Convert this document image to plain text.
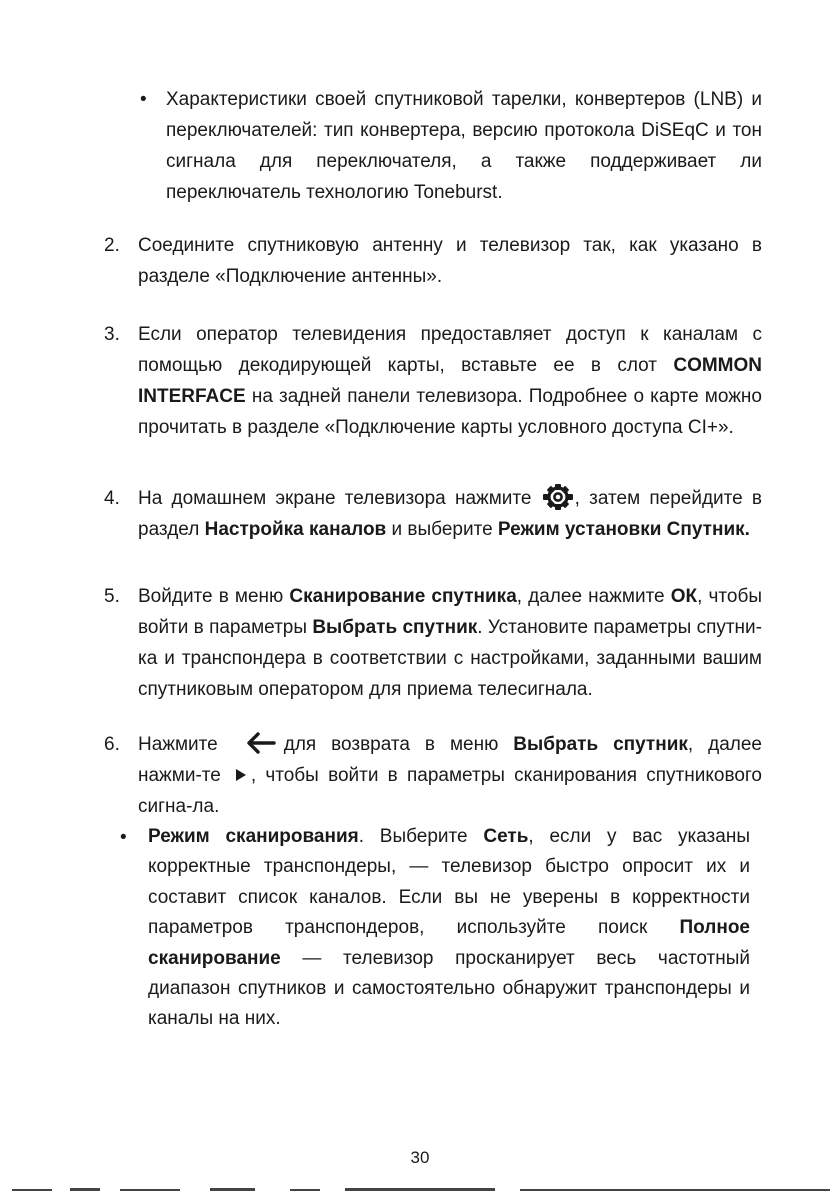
• Характеристики своей спутниковой тарелки, конвертеров (LNB) и переключателей: тип конвертера, версию протокола DiSEqC и тон сигнала для переключателя, а также поддерживает ли переключатель технологию Toneburst.

2. Соедините спутниковую антенну и телевизор так, как указано в разделе «Подключение антенны».

3. Если оператор телевидения предоставляет доступ к каналам с помощью декодирующей карты, вставьте ее в слот COMMON INTERFACE на задней панели телевизора. Подробнее о карте можно прочитать в разделе «Подключение карты условного доступа CI+».

4. На домашнем экране телевизора нажмите , затем перейдите в раздел Настройка каналов и выберите Режим установки Спутник.

5. Войдите в меню Сканирование спутника, далее нажмите ОК, чтобы войти в параметры Выбрать спутник. Установите параметры спутни-ка и транспондера в соответствии с настройками, заданными вашим спутниковым оператором для приема телесигнала.

6. Нажмите	для возврата в меню Выбрать спутник, далее нажми-те , чтобы войти в параметры сканирования спутникового сигна-ла.

• Режим сканирования. Выберите Сеть, если у вас указаны корректные транспондеры, — телевизор быстро опросит их и составит список каналов. Если вы не уверены в корректности параметров транспондеров, используйте поиск Полное сканирование — телевизор просканирует весь частотный диапазон спутников и самостоятельно обнаружит транспондеры и каналы на них.

30
